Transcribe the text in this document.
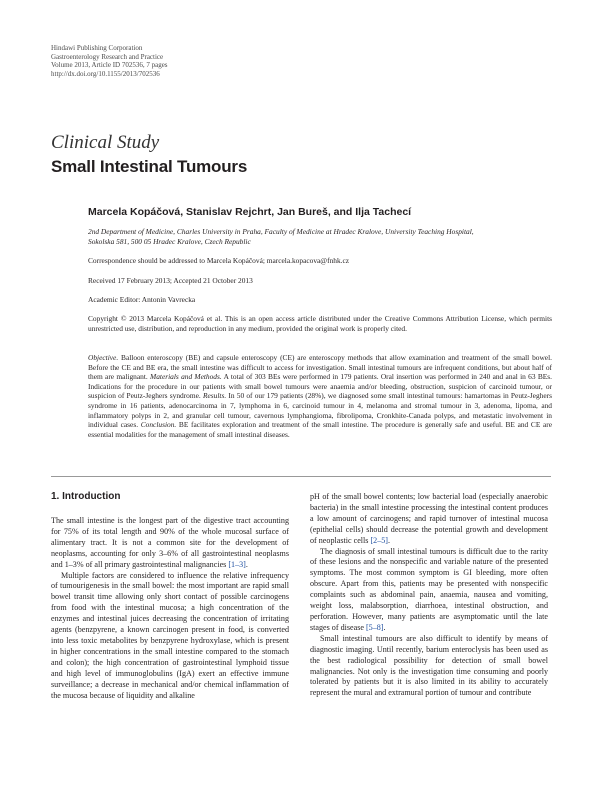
Hindawi Publishing Corporation
Gastroenterology Research and Practice
Volume 2013, Article ID 702536, 7 pages
http://dx.doi.org/10.1155/2013/702536
Clinical Study
Small Intestinal Tumours
Marcela Kopáčová, Stanislav Rejchrt, Jan Bureš, and Ilja Tachecí
2nd Department of Medicine, Charles University in Praha, Faculty of Medicine at Hradec Kralove, University Teaching Hospital,
Sokolska 581, 500 05 Hradec Kralove, Czech Republic
Correspondence should be addressed to Marcela Kopáčová; marcela.kopacova@fnhk.cz
Received 17 February 2013; Accepted 21 October 2013
Academic Editor: Antonin Vavrecka
Copyright © 2013 Marcela Kopáčová et al. This is an open access article distributed under the Creative Commons Attribution License, which permits unrestricted use, distribution, and reproduction in any medium, provided the original work is properly cited.
Objective. Balloon enteroscopy (BE) and capsule enteroscopy (CE) are enteroscopy methods that allow examination and treatment of the small bowel. Before the CE and BE era, the small intestine was difficult to access for investigation. Small intestinal tumours are infrequent conditions, but about half of them are malignant. Materials and Methods. A total of 303 BEs were performed in 179 patients. Oral insertion was performed in 240 and anal in 63 BEs. Indications for the procedure in our patients with small bowel tumours were anaemia and/or bleeding, obstruction, suspicion of carcinoid tumour, or suspicion of Peutz-Jeghers syndrome. Results. In 50 of our 179 patients (28%), we diagnosed some small intestinal tumours: hamartomas in Peutz-Jeghers syndrome in 16 patients, adenocarcinoma in 7, lymphoma in 6, carcinoid tumour in 4, melanoma and stromal tumour in 3, adenoma, lipoma, and inflammatory polyps in 2, and granular cell tumour, cavernous lymphangioma, fibrolipoma, Cronkhite-Canada polyps, and metastatic involvement in individual cases. Conclusion. BE facilitates exploration and treatment of the small intestine. The procedure is generally safe and useful. BE and CE are essential modalities for the management of small intestinal diseases.
1. Introduction

The small intestine is the longest part of the digestive tract accounting for 75% of its total length and 90% of the whole mucosal surface of alimentary tract. It is not a common site for the development of neoplasms, accounting for only 3–6% of all gastrointestinal neoplasms and 1–3% of all primary gastrointestinal malignancies [1–3].

Multiple factors are considered to influence the relative infrequency of tumourigenesis in the small bowel: the most important are rapid small bowel transit time allowing only short contact of possible carcinogens from food with the intestinal mucosa; a high concentration of the enzymes and intestinal juices decreasing the concentration of irritating agents (benzpyrene, a known carcinogen present in food, is converted into less toxic metabolites by benzpyrene hydroxylase, which is present in higher concentrations in the small intestine compared to the stomach and colon); the high concentration of gastrointestinal lymphoid tissue and high level of immunoglobulins (IgA) exert an effective immune surveillance; a decrease in mechanical and/or chemical inflammation of the mucosa because of liquidity and alkaline

pH of the small bowel contents; low bacterial load (especially anaerobic bacteria) in the small intestine processing the intestinal content produces a low amount of carcinogens; and rapid turnover of intestinal mucosa (epithelial cells) should decrease the potential growth and development of neoplastic cells [2–5].

The diagnosis of small intestinal tumours is difficult due to the rarity of these lesions and the nonspecific and variable nature of the presented symptoms. The most common symptom is GI bleeding, more often obscure. Apart from this, patients may be presented with nonspecific complaints such as abdominal pain, anaemia, nausea and vomiting, weight loss, malabsorption, diarrhoea, intestinal obstruction, and perforation. However, many patients are asymptomatic until the late stages of disease [5–8].

Small intestinal tumours are also difficult to identify by means of diagnostic imaging. Until recently, barium enteroclysis has been used as the best radiological possibility for detection of small bowel malignancies. Not only is the investigation time consuming and poorly tolerated by patients but it is also limited in its ability to accurately represent the mural and extramural portion of tumour and contribute
